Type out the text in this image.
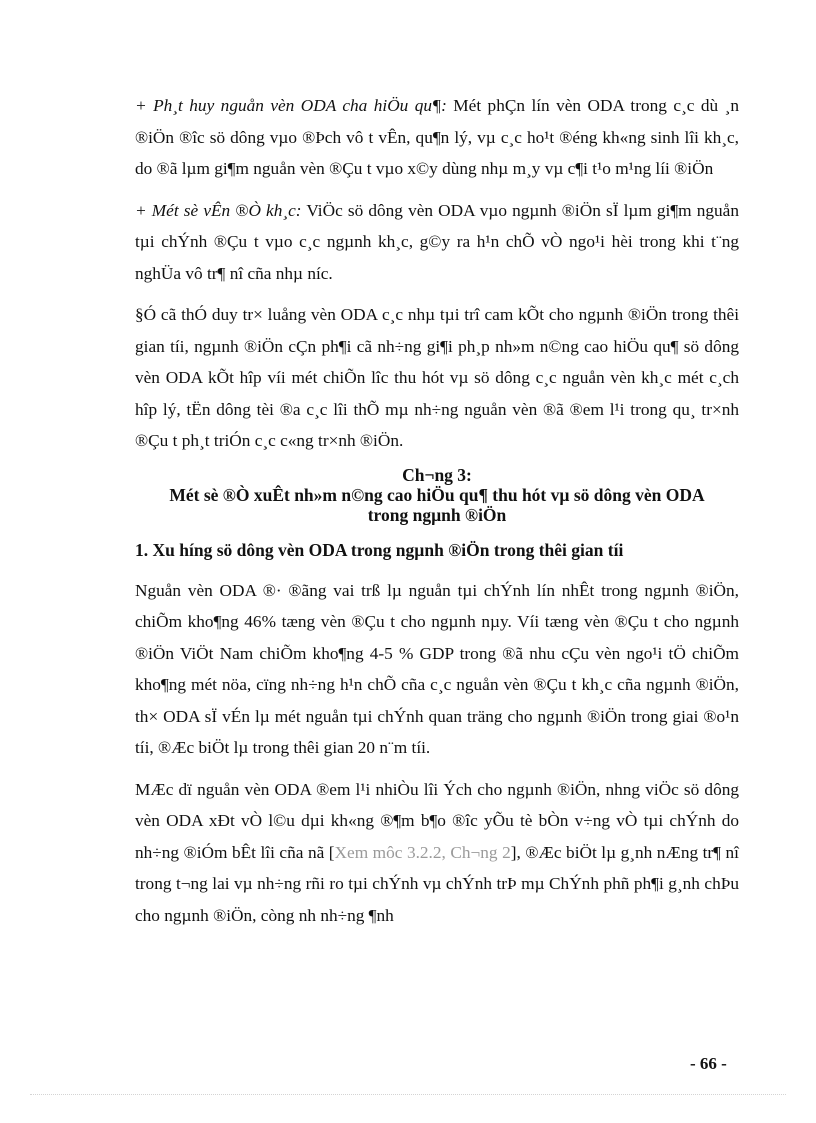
+ Ph¸t huy nguån vèn ODA cha hiÖu qu¶: Mét phÇn lín vèn ODA trong c¸c dù ¸n ®iÖn ®îc sö dông vµo ®Þch vô t vÊn, qu¶n lý, vµ c¸c ho¹t ®éng kh«ng sinh lîi kh¸c, do ®ã lµm gi¶m nguån vèn ®Çu t vµo x©y dùng nhµ m¸y vµ c¶i t¹o m¹ng líi ®iÖn

+ Mét sè vÊn ®Ò kh¸c: ViÖc sö dông vèn ODA vµo ngµnh ®iÖn sÏ lµm gi¶m nguån tµi chÝnh ®Çu t vµo c¸c ngµnh kh¸c, g©y ra h¹n chÕ vÒ ngo¹i hèi trong khi t¨ng nghÜa vô tr¶ nî cña nhµ níc.

§Ó cã thÓ duy tr× luång vèn ODA c¸c nhµ tµi trî cam kÕt cho ngµnh ®iÖn trong thêi gian tíi, ngµnh ®iÖn cÇn ph¶i cã nh÷ng gi¶i ph¸p nh»m n©ng cao hiÖu qu¶ sö dông vèn ODA kÕt hîp víi mét chiÕn lîc thu hót vµ sö dông c¸c nguån vèn kh¸c mét c¸ch hîp lý, tËn dông tèi ®a c¸c lîi thÕ mµ nh÷ng nguån vèn ®ã ®em l¹i trong qu¸ tr×nh ®Çu t ph¸t triÓn c¸c c«ng tr×nh ®iÖn.

Ch¬ng 3:
Mét sè ®Ò xuÊt nh»m n©ng cao hiÖu qu¶ thu hót vµ sö dông vèn ODA
trong ngµnh ®iÖn
1. Xu híng sö dông vèn ODA trong ngµnh ®iÖn trong thêi gian tíi

Nguån vèn ODA ®· ®ãng vai trß lµ nguån tµi chÝnh lín nhÊt trong ngµnh ®iÖn, chiÕm kho¶ng 46% tæng vèn ®Çu t cho ngµnh nµy. Víi tæng vèn ®Çu t cho ngµnh ®iÖn ViÖt Nam chiÕm kho¶ng 4-5 % GDP trong ®ã nhu cÇu vèn ngo¹i tÖ chiÕm kho¶ng mét nöa, cïng nh÷ng h¹n chÕ cña c¸c nguån vèn ®Çu t kh¸c cña ngµnh ®iÖn, th× ODA sÏ vÉn lµ mét nguån tµi chÝnh quan träng cho ngµnh ®iÖn trong giai ®o¹n tíi, ®Æc biÖt lµ trong thêi gian 20 n¨m tíi.

MÆc dï nguån vèn ODA ®em l¹i nhiÒu lîi Ých cho ngµnh ®iÖn, nhng viÖc sö dông vèn ODA xÐt vÒ l©u dµi kh«ng ®¶m b¶o ®îc yÕu tè bÒn v÷ng vÒ tµi chÝnh do nh÷ng ®iÓm bÊt lîi cña nã [Xem môc 3.2.2, Ch¬ng 2], ®Æc biÖt lµ g¸nh nÆng tr¶ nî trong t¬ng lai vµ nh÷ng rñi ro tµi chÝnh vµ chÝnh trÞ mµ ChÝnh phñ ph¶i g¸nh chÞu cho ngµnh ®iÖn, còng nh nh÷ng ¶nh

- 66 -
